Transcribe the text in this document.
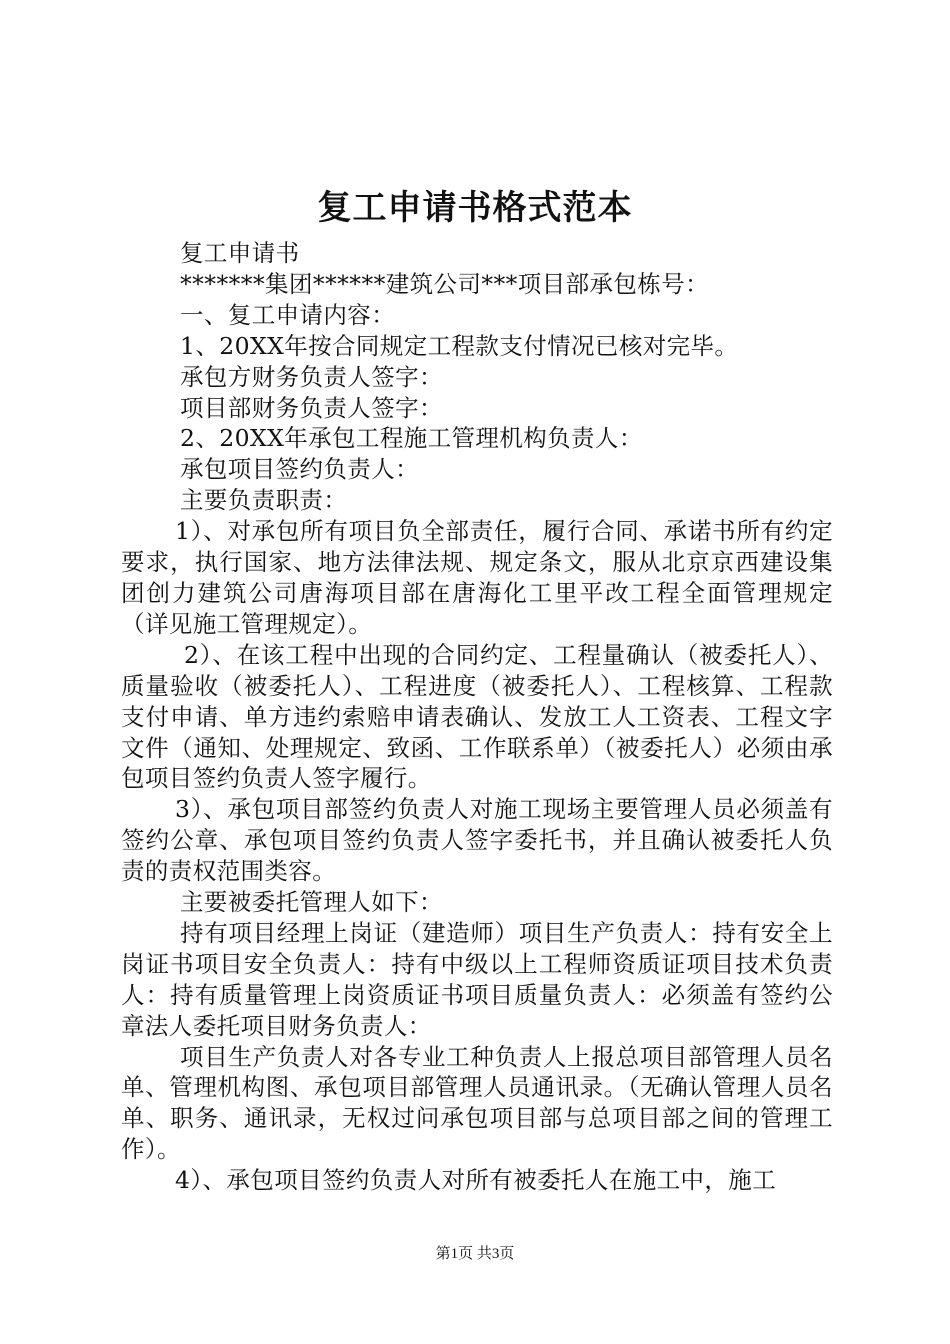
复工申请书格式范本

复工申请书

*******集团******建筑公司***项目部承包栋号：

一、复工申请内容：

1、20XX年按合同规定工程款支付情况已核对完毕。

承包方财务负责人签字：

项目部财务负责人签字：

2、20XX年承包工程施工管理机构负责人：

承包项目签约负责人：

主要负责职责：

1）、对承包所有项目负全部责任，履行合同、承诺书所有约定要求，执行国家、地方法律法规、规定条文，服从北京京西建设集团创力建筑公司唐海项目部在唐海化工里平改工程全面管理规定（详见施工管理规定）。

2）、在该工程中出现的合同约定、工程量确认（被委托人）、质量验收（被委托人）、工程进度（被委托人）、工程核算、工程款支付申请、单方违约索赔申请表确认、发放工人工资表、工程文字文件（通知、处理规定、致函、工作联系单）（被委托人）必须由承包项目签约负责人签字履行。

3）、承包项目部签约负责人对施工现场主要管理人员必须盖有签约公章、承包项目签约负责人签字委托书，并且确认被委托人负责的责权范围类容。

主要被委托管理人如下：

持有项目经理上岗证（建造师）项目生产负责人：持有安全上岗证书项目安全负责人：持有中级以上工程师资质证项目技术负责人：持有质量管理上岗资质证书项目质量负责人：必须盖有签约公章法人委托项目财务负责人：

项目生产负责人对各专业工种负责人上报总项目部管理人员名单、管理机构图、承包项目部管理人员通讯录。（无确认管理人员名单、职务、通讯录，无权过问承包项目部与总项目部之间的管理工作）。

4）、承包项目签约负责人对所有被委托人在施工中，施工

第1页 共3页
